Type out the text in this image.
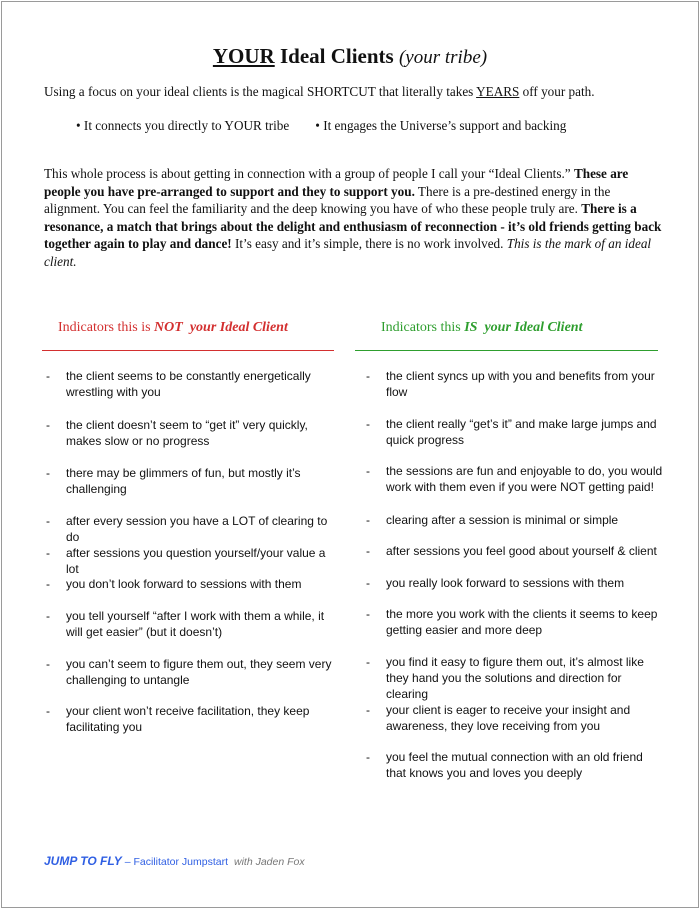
YOUR Ideal Clients (your tribe)
Using a focus on your ideal clients is the magical SHORTCUT that literally takes YEARS off your path.
• It connects you directly to YOUR tribe
•	It engages the Universe’s support and backing
This whole process is about getting in connection with a group of people I call your “Ideal Clients.” These are people you have pre-arranged to support and they to support you. There is a pre-destined energy in the alignment. You can feel the familiarity and the deep knowing you have of who these people truly are. There is a resonance, a match that brings about the delight and enthusiasm of reconnection - it’s old friends getting back together again to play and dance! It’s easy and it’s simple, there is no work involved. This is the mark of an ideal client.
Indicators this is NOT your Ideal Client	Indicators this IS your Ideal Client
- the client seems to be constantly energetically wrestling with you
- the client doesn’t seem to “get it” very quickly, makes slow or no progress
- there may be glimmers of fun, but mostly it’s challenging
- after every session you have a LOT of clearing to do
- after sessions you question yourself/your value a lot
- you don’t look forward to sessions with them
- you tell yourself “after I work with them a while, it will get easier” (but it doesn’t)
- you can’t seem to figure them out, they seem very challenging to untangle
- your client won’t receive facilitation, they keep facilitating you
- the client syncs up with you and benefits from your flow
- the client really “get’s it” and make large jumps and quick progress
- the sessions are fun and enjoyable to do, you would work with them even if you were NOT getting paid!
- clearing after a session is minimal or simple
- after sessions you feel good about yourself & client
- you really look forward to sessions with them
- the more you work with the clients it seems to keep getting easier and more deep
- you find it easy to figure them out, it’s almost like they hand you the solutions and direction for clearing
- your client is eager to receive your insight and awareness, they love receiving from you
- you feel the mutual connection with an old friend that knows you and loves you deeply
JUMP TO FLY – Facilitator Jumpstart with Jaden Fox
